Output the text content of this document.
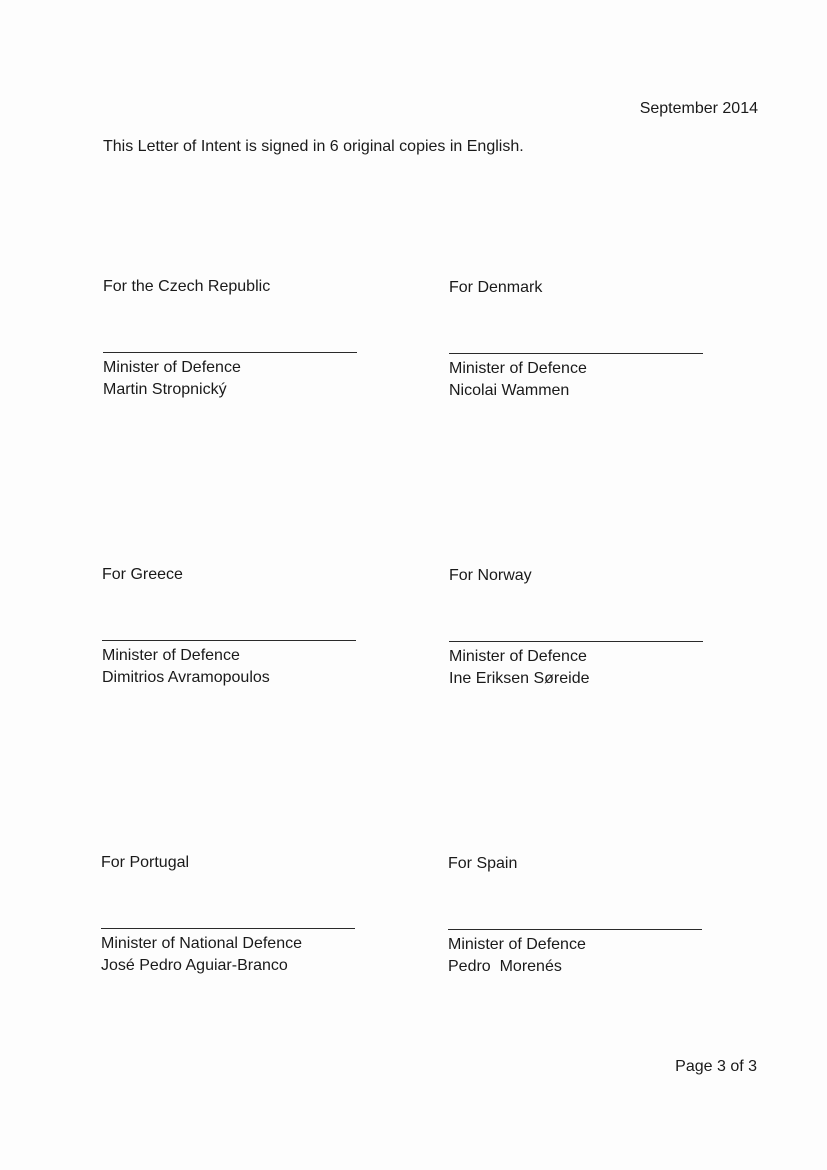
September 2014
This Letter of Intent is signed in 6 original copies in English.
For the Czech Republic
Minister of Defence
Martin Stropnický
For Denmark
Minister of Defence
Nicolai Wammen
For Greece
Minister of Defence
Dimitrios Avramopoulos
For Norway
Minister of Defence
Ine Eriksen Søreide
For Portugal
Minister of National Defence
José Pedro Aguiar-Branco
For Spain
Minister of Defence
Pedro  Morenés
Page 3 of 3
